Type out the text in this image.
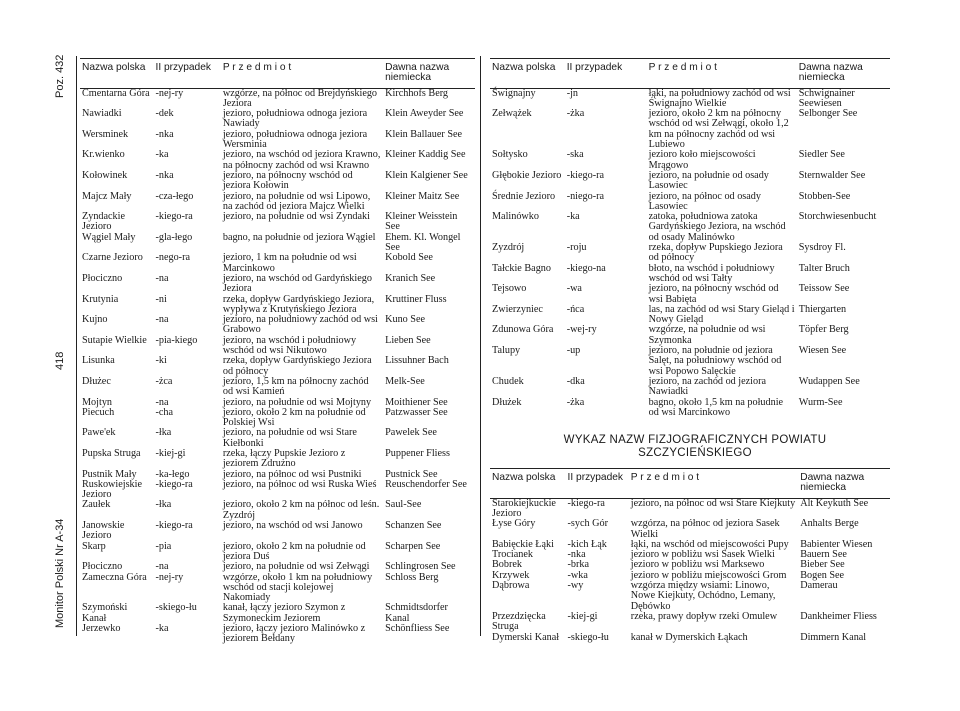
Poz. 432
418
Monitor Polski Nr A-34
Nazwa polska	II przypadek	P r z e d m i o t	Dawna nazwa niemiecka
Cmentarna Góra	-nej-ry	wzgórze, na północ od Brejdyńskiego Jeziora	Kirchhofs Berg
Nawiadki	-dek	jezioro, południowa odnoga jeziora Nawiady	Klein Aweyder See
Wersminek	-nka	jezioro, południowa odnoga jeziora Wersminia	Klein Ballauer See
Kr.wienko	-ka	jezioro, na wschód od jeziora Krawno, na północny zachód od wsi Krawno	Kleiner Kaddig See
Kołowinek	-nka	jezioro, na północny wschód od jeziora Kołowin	Klein Kalgiener See
Majcz Mały	-cza-łego	jezioro, na południe od wsi Lipowo, na zachód od jeziora Majcz Wielki	Kleiner Maitz See
Zyndackie Jezioro	-kiego-ra	jezioro, na południe od wsi Zyndaki	Kleiner Weisstein See
Wągiel Mały	-gla-łego	bagno, na południe od jeziora Wągiel	Ehem. Kl. Wongel See
Czarne Jezioro	-nego-ra	jezioro, 1 km na południe od wsi Marcinkowo	Kobold See
Płociczno	-na	jezioro, na wschód od Gardyńskiego Jeziora	Kranich See
Krutynia	-ni	rzeka, dopływ Gardyńskiego Jeziora, wypływa z Krutyńskiego Jeziora	Kruttiner Fluss
Kujno	-na	jezioro, na południowy zachód od wsi Grabowo	Kuno See
Sutapie Wielkie	-pia-kiego	jezioro, na wschód i południowy wschód od wsi Nikutowo	Lieben See
Lisunka	-ki	rzeka, dopływ Gardyńskiego Jeziora od północy	Lissuhner Bach
Dłużec	-żca	jezioro, 1,5 km na północny zachód od wsi Kamień	Melk-See
Mojtyn	-na	jezioro, na południe od wsi Mojtyny	Moithiener See
Piecuch	-cha	jezioro, około 2 km na południe od Polskiej Wsi	Patzwasser See
Pawe'ek	-łka	jezioro, na południe od wsi Stare Kiełbonki	Pawelek See
Pupska Struga	-kiej-gi	rzeka, łączy Pupskie Jezioro z jeziorem Zdrużno	Puppener Fliess
Pustnik Mały	-ka-łego	jezioro, na północ od wsi Pustniki	Pustnick See
Ruskowiejskie Jezioro	-kiego-ra	jezioro, na północ od wsi Ruska Wieś	Reuschendorfer See
Zaułek	-łka	jezioro, około 2 km na północ od leśn. Zyzdrój	Saul-See
Janowskie Jezioro	-kiego-ra	jezioro, na wschód od wsi Janowo	Schanzen See
Skarp	-pia	jezioro, około 2 km na południe od jeziora Duś	Scharpen See
Płociczno	-na	jezioro, na południe od wsi Zełwągi	Schlingrosen See
Zameczna Góra	-nej-ry	wzgórze, około 1 km na południowy wschód od stacji kolejowej Nakomiady	Schloss Berg
Szymoński Kanał	-skiego-łu	kanał, łączy jezioro Szymon z Szymoneckim Jeziorem	Schmidtsdorfer Kanal
Jerzewko	-ka	jezioro, łączy jezioro Malinówko z jeziorem Bełdany	Schönfliess See
Nazwa polska	II przypadek	P r z e d m i o t	Dawna nazwa niemiecka
Śwignajny	-jn	łąki, na południowy zachód od wsi Śwignajno Wielkie	Schwignainer Seewiesen
Zełwążek	-żka	jezioro, około 2 km na północny wschód od wsi Zełwągi, około 1,2 km na północny zachód od wsi Lubiewo	Selbonger See
Sołtysko	-ska	jezioro koło miejscowości Mrągowo	Siedler See
Głębokie Jezioro	-kiego-ra	jezioro, na południe od osady Lasowiec	Sternwalder See
Średnie Jezioro	-niego-ra	jezioro, na północ od osady Lasowiec	Stobben-See
Malinówko	-ka	zatoka, południowa zatoka Gardyńskiego Jeziora, na wschód od osady Malinówko	Storchwiesenbucht
Zyzdrój	-roju	rzeka, dopływ Pupskiego Jeziora od północy	Sysdroy Fl.
Tałckie Bagno	-kiego-na	błoto, na wschód i południowy wschód od wsi Tałty	Talter Bruch
Tejsowo	-wa	jezioro, na północny wschód od wsi Babięta	Teissow See
Zwierzyniec	-ńca	las, na zachód od wsi Stary Gieląd i Nowy Gieląd	Thiergarten
Zdunowa Góra	-wej-ry	wzgórze, na południe od wsi Szymonka	Töpfer Berg
Talupy	-up	jezioro, na południe od jeziora Salęt, na południowy wschód od wsi Popowo Salęckie	Wiesen See
Chudek	-dka	jezioro, na zachód od jeziora Nawiadki	Wudappen See
Dłużek	-żka	bagno, około 1,5 km na południe od wsi Marcinkowo	Wurm-See
WYKAZ NAZW FIZJOGRAFICZNYCH POWIATU SZCZYCIEŃSKIEGO
Nazwa polska	II przypadek	P r z e d m i o t	Dawna nazwa niemiecka
Starokiejkuckie Jezioro	-kiego-ra	jezioro, na północ od wsi Stare Kiejkuty	Alt Keykuth See
Łyse Góry	-sych Gór	wzgórza, na północ od jeziora Sasek Wielki	Anhalts Berge
Babięckie Łąki	-kich Łąk	łąki, na wschód od miejscowości Pupy	Babienter Wiesen
Trocianek	-nka	jezioro w pobliżu wsi Sasek Wielki	Bauern See
Bobrek	-brka	jezioro w pobliżu wsi Marksewo	Bieber See
Krzywek	-wka	jezioro w pobliżu miejscowości Grom	Bogen See
Dąbrowa	-wy	wzgórza między wsiami: Linowo, Nowe Kiejkuty, Ochódno, Lemany, Dębówko	Damerau
Przezdzięcka Struga	-kiej-gi	rzeka, prawy dopływ rzeki Omulew	Dankheimer Fliess
Dymerski Kanał	-skiego-łu	kanał w Dymerskich Łąkach	Dimmern Kanal
